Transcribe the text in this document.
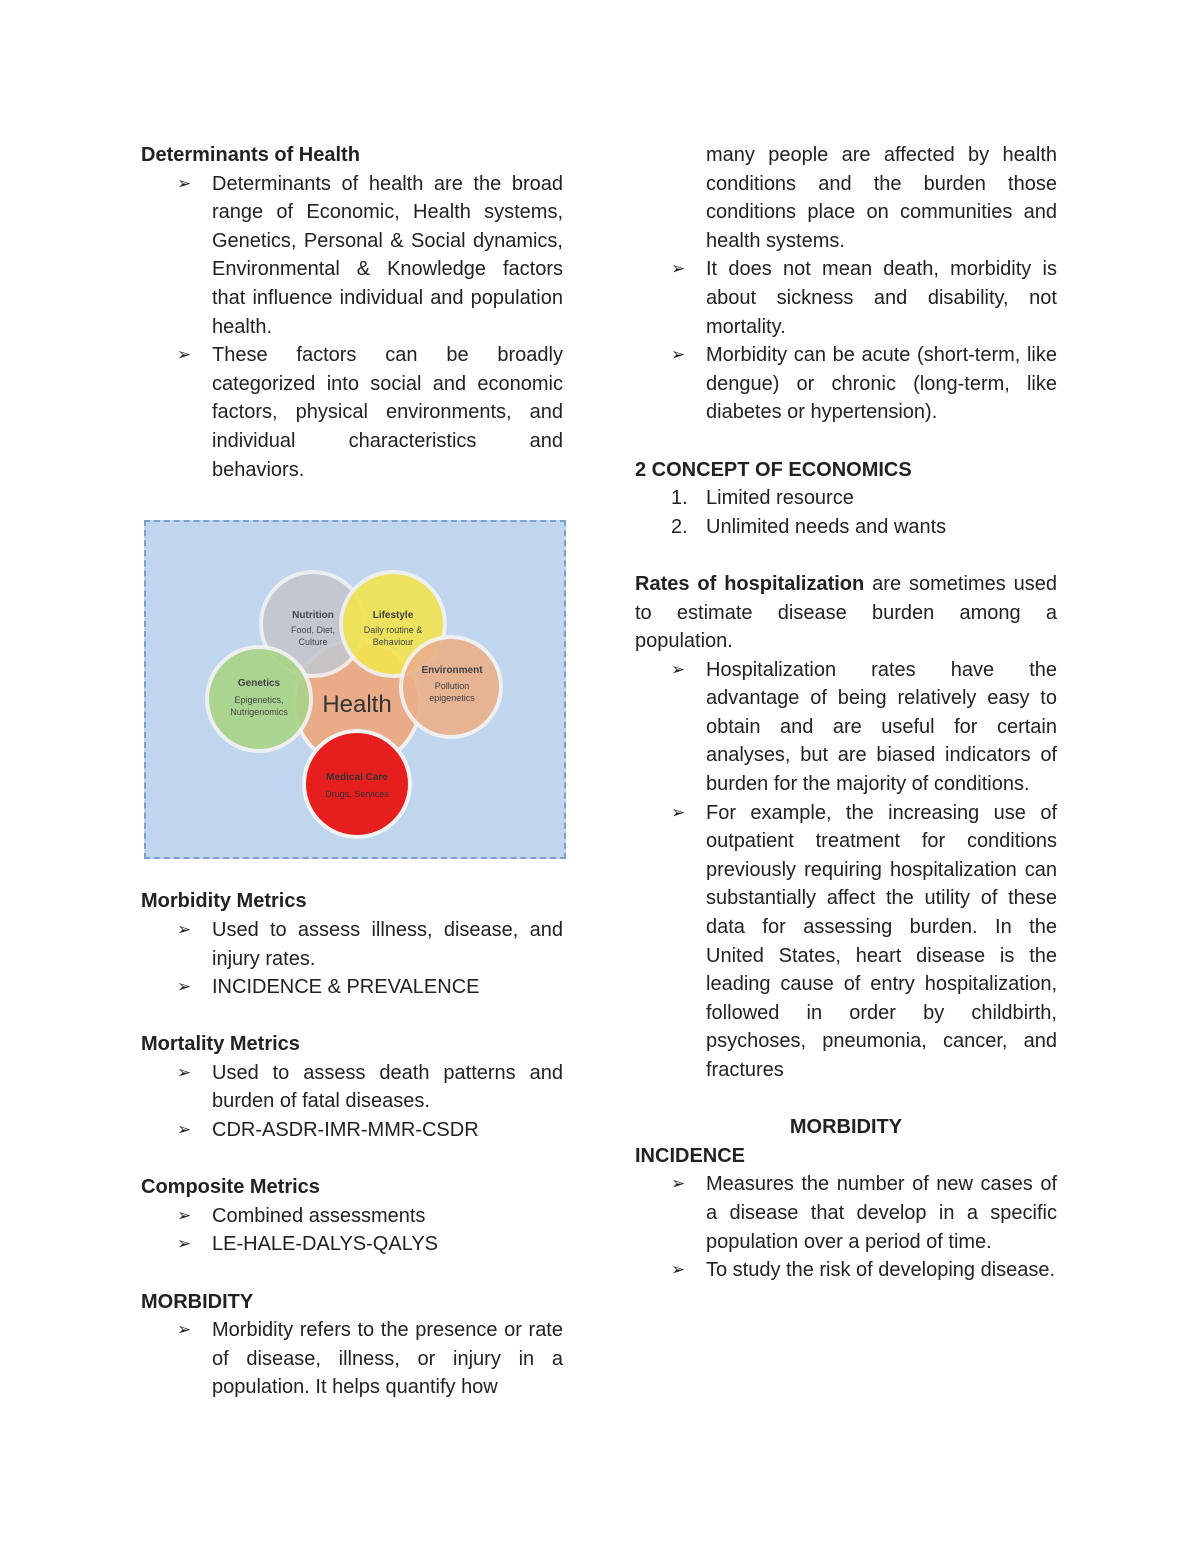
Determinants of Health

➢ Determinants of health are the broad range of Economic, Health systems, Genetics, Personal & Social dynamics, Environmental & Knowledge factors that influence individual and population health.
➢ These factors can be broadly categorized into social and economic factors, physical environments, and individual characteristics and behaviors.
Health
Nutrition
Food, Diet,
Culture
Lifestyle
Daily routine &
Behaviour
Environment
Pollution
epigenetics
Genetics
Epigenetics,
Nutrigenomics
Medical Care
Drugs, Services

Morbidity Metrics

➢ Used to assess illness, disease, and injury rates.
➢ INCIDENCE & PREVALENCE

Mortality Metrics

➢ Used to assess death patterns and burden of fatal diseases.
➢ CDR-ASDR-IMR-MMR-CSDR

Composite Metrics

➢ Combined assessments
➢ LE-HALE-DALYS-QALYS

MORBIDITY

➢ Morbidity refers to the presence or rate of disease, illness, or injury in a population. It helps quantify how

many people are affected by health conditions and the burden those conditions place on communities and health systems.

➢ It does not mean death, morbidity is about sickness and disability, not mortality.
➢ Morbidity can be acute (short-term, like dengue) or chronic (long-term, like diabetes or hypertension).

2 CONCEPT OF ECONOMICS

1. Limited resource
2. Unlimited needs and wants

Rates of hospitalization are sometimes used to estimate disease burden among a population.

➢ Hospitalization rates have the advantage of being relatively easy to obtain and are useful for certain analyses, but are biased indicators of burden for the majority of conditions.
➢ For example, the increasing use of outpatient treatment for conditions previously requiring hospitalization can substantially affect the utility of these data for assessing burden. In the United States, heart disease is the leading cause of entry hospitalization, followed in order by childbirth, psychoses, pneumonia, cancer, and fractures

MORBIDITY

INCIDENCE

➢ Measures the number of new cases of a disease that develop in a specific population over a period of time.
➢ To study the risk of developing disease.
